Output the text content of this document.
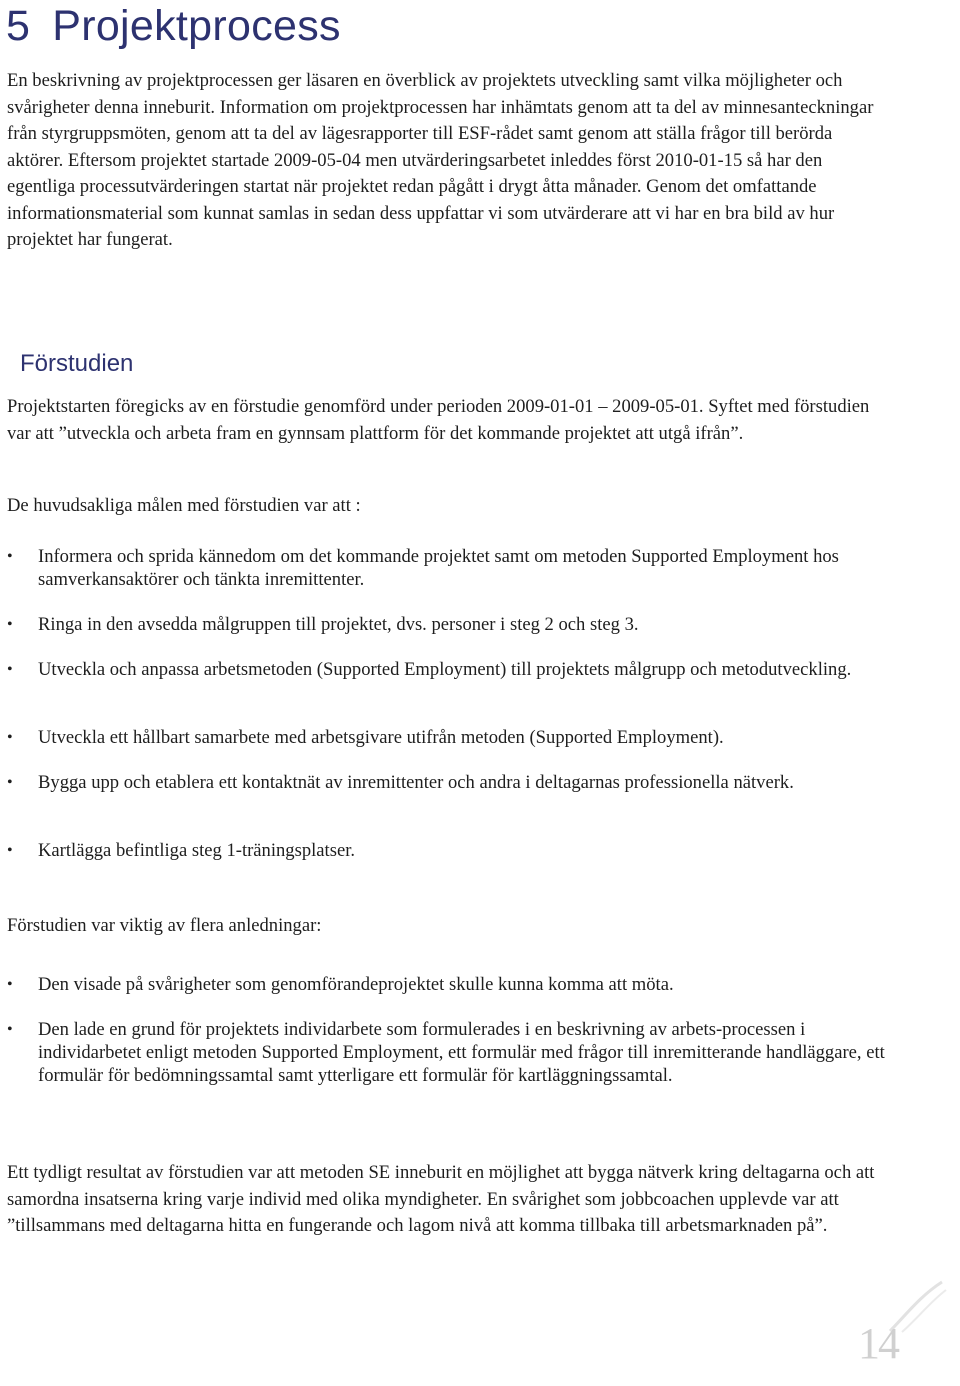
5 Projektprocess

En beskrivning av projektprocessen ger läsaren en överblick av projektets utveckling samt vilka möjligheter och svårigheter denna inneburit. Information om projektprocessen har inhämtats genom att ta del av minnesanteckningar från styrgruppsmöten, genom att ta del av lägesrapporter till ESF-rådet samt genom att ställa frågor till berörda aktörer. Eftersom projektet startade 2009-05-04 men utvärderingsarbetet inleddes först 2010-01-15 så har den egentliga processutvärderingen startat när projektet redan pågått i drygt åtta månader. Genom det omfattande informationsmaterial som kunnat samlas in sedan dess uppfattar vi som utvärderare att vi har en bra bild av hur projektet har fungerat.

Förstudien

Projektstarten föregicks av en förstudie genomförd under perioden 2009-01-01 – 2009-05-01. Syftet med förstudien var att ”utveckla och arbeta fram en gynnsam plattform för det kommande projektet att utgå ifrån”.

De huvudsakliga målen med förstudien var att :

•	Informera och sprida kännedom om det kommande projektet samt om metoden Supported Employment hos samverkansaktörer och tänkta inremittenter.
•	Ringa in den avsedda målgruppen till projektet, dvs. personer i steg 2 och steg 3.
•	Utveckla och anpassa arbetsmetoden (Supported Employment) till projektets målgrupp och metodutveckling.
•	Utveckla ett hållbart samarbete med arbetsgivare utifrån metoden (Supported Employment).
•	Bygga upp och etablera ett kontaktnät av inremittenter och andra i deltagarnas professionella nätverk.
•	Kartlägga befintliga steg 1-träningsplatser.

Förstudien var viktig av flera anledningar:

•	Den visade på svårigheter som genomförandeprojektet skulle kunna komma att möta.
•	Den lade en grund för projektets individarbete som formulerades i en beskrivning av arbets-processen i individarbetet enligt metoden Supported Employment, ett formulär med frågor till inremitterande handläggare, ett formulär för bedömningssamtal samt ytterligare ett formulär för kartläggningssamtal.

Ett tydligt resultat av förstudien var att metoden SE inneburit en möjlighet att bygga nätverk kring deltagarna och att samordna insatserna kring varje individ med olika myndigheter. En svårighet som jobbcoachen upplevde var att ”tillsammans med deltagarna hitta en fungerande och lagom nivå att komma tillbaka till arbetsmarknaden på”.

14
